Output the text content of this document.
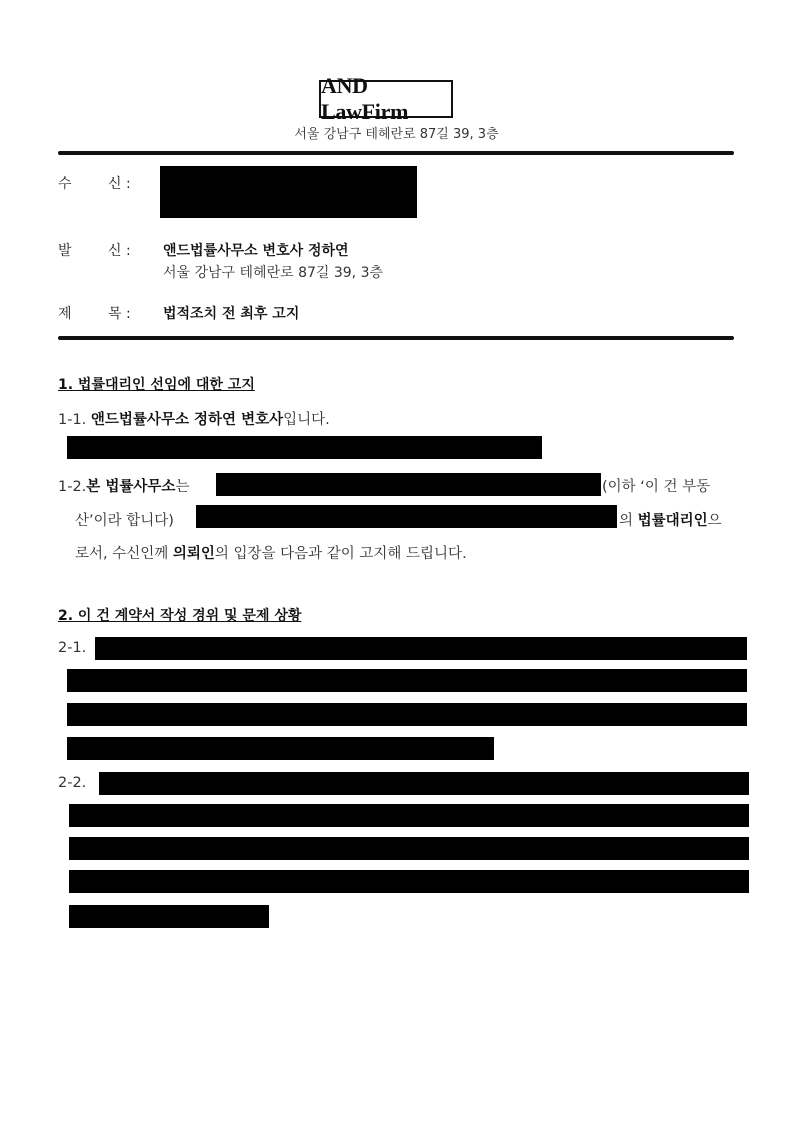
AND LawFirm
서울 강남구 테헤란로 87길 39, 3층
수	신 :
발	신 : 앤드법률사무소 변호사 정하연
서울 강남구 테헤란로 87길 39, 3층
제	목 : 법적조치 전 최후 고지
1. 법률대리인 선임에 대한 고지
1-1. 앤드법률사무소 정하연 변호사입니다.
1-2.본 법률사무소는	(이하 ‘이 건 부동
산’이라 합니다)	의 법률대리인으
로서, 수신인께 의뢰인의 입장을 다음과 같이 고지해 드립니다.
2. 이 건 계약서 작성 경위 및 문제 상황
2-1.
2-2.
